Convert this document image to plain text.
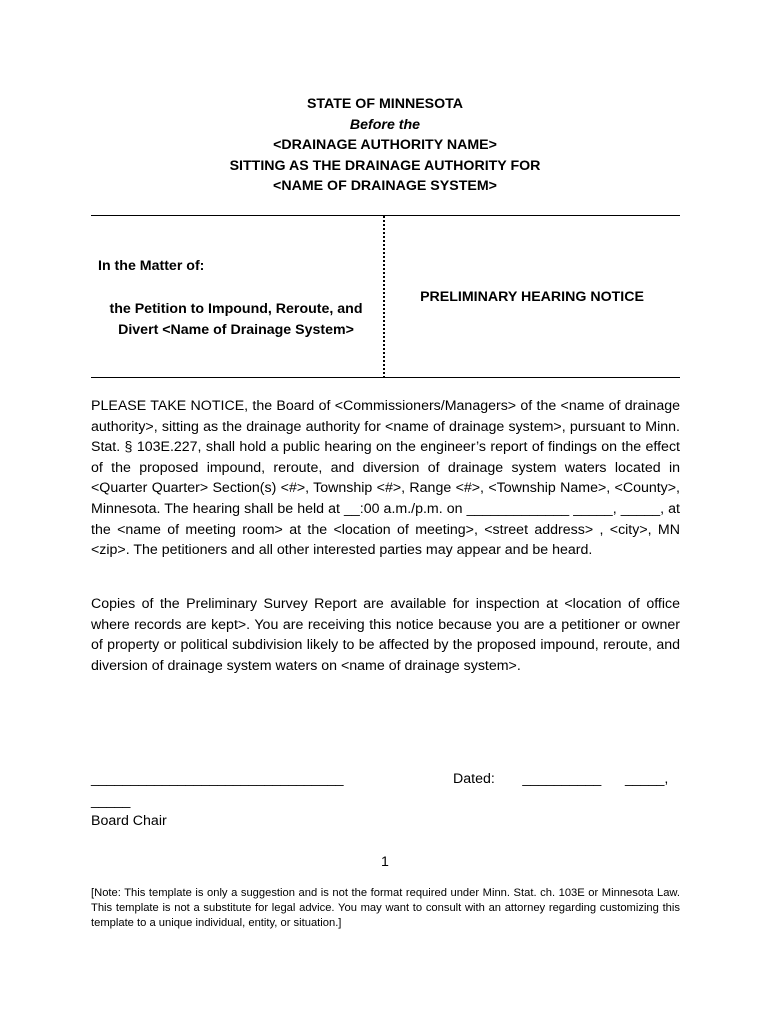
STATE OF MINNESOTA
Before the
<DRAINAGE AUTHORITY NAME>
SITTING AS THE DRAINAGE AUTHORITY FOR
<NAME OF DRAINAGE SYSTEM>
In the Matter of:
the Petition to Impound, Reroute, and
Divert <Name of Drainage System>
PRELIMINARY HEARING NOTICE
PLEASE TAKE NOTICE, the Board of <Commissioners/Managers> of the <name of drainage authority>, sitting as the drainage authority for <name of drainage system>, pursuant to Minn. Stat. § 103E.227, shall hold a public hearing on the engineer’s report of findings on the effect of the proposed impound, reroute, and diversion of drainage system waters located in <Quarter Quarter> Section(s) <#>, Township <#>, Range <#>, <Township Name>, <County>, Minnesota. The hearing shall be held at __:00 a.m./p.m. on _____________ _____, _____, at the <name of meeting room> at the <location of meeting>, <street address> , <city>, MN <zip>. The petitioners and all other interested parties may appear and be heard.
Copies of the Preliminary Survey Report are available for inspection at <location of office where records are kept>. You are receiving this notice because you are a petitioner or owner of property or political subdivision likely to be affected by the proposed impound, reroute, and diversion of drainage system waters on <name of drainage system>.
________________________________	Dated:       __________      _____,
_____
Board Chair
1
[Note: This template is only a suggestion and is not the format required under Minn. Stat. ch. 103E or Minnesota Law. This template is not a substitute for legal advice. You may want to consult with an attorney regarding customizing this template to a unique individual, entity, or situation.]
